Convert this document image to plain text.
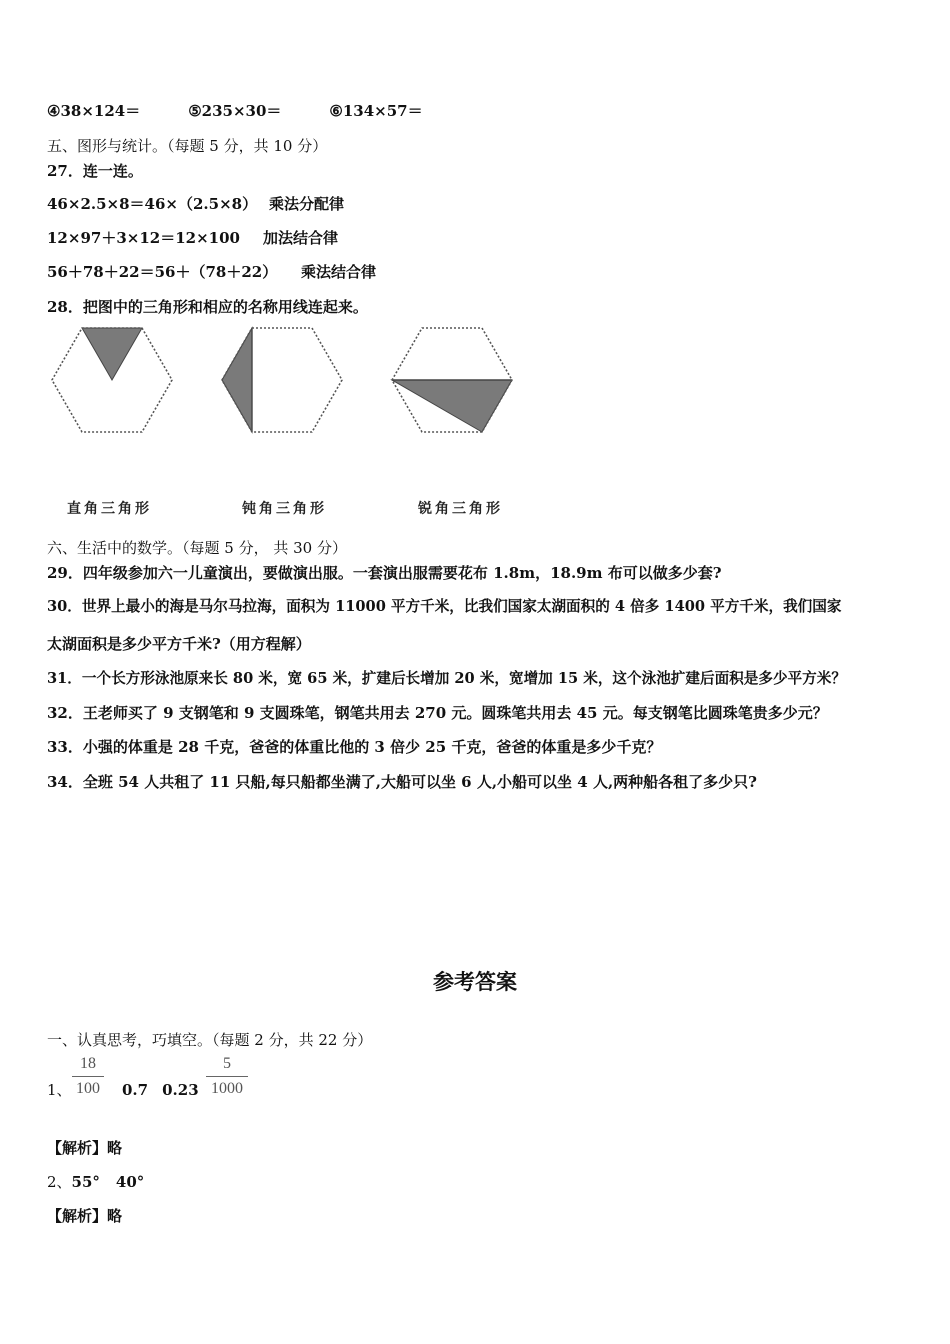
④38×124＝	⑤235×30＝	⑥134×57＝
五、图形与统计。（每题 5 分，共 10 分）
27．连一连。
46×2.5×8＝46×（2.5×8） 乘法分配律
12×97＋3×12＝12×100 加法结合律
56＋78＋22＝56＋（78＋22） 乘法结合律
28．把图中的三角形和相应的名称用线连起来。
直角三角形	钝角三角形	锐角三角形
六、生活中的数学。（每题 5 分， 共 30 分）
29．四年级参加六一儿童演出，要做演出服。一套演出服需要花布 1.8m，18.9m 布可以做多少套?
30．世界上最小的海是马尔马拉海，面积为 11000 平方千米，比我们国家太湖面积的 4 倍多 1400 平方千米，我们国家
太湖面积是多少平方千米?（用方程解）
31．一个长方形泳池原来长 80 米，宽 65 米，扩建后长增加 20 米，宽增加 15 米，这个泳池扩建后面积是多少平方米？
32．王老师买了 9 支钢笔和 9 支圆珠笔，钢笔共用去 270 元。圆珠笔共用去 45 元。每支钢笔比圆珠笔贵多少元？
33．小强的体重是 28 千克，爸爸的体重比他的 3 倍少 25 千克，爸爸的体重是多少千克？
34．全班 54 人共租了 11 只船,每只船都坐满了,大船可以坐 6 人,小船可以坐 4 人,两种船各租了多少只?
参考答案
一、认真思考，巧填空。（每题 2 分，共 22 分）
1、
18
100 0.7 0.23
5
1000
【解析】略
2、55° 40°
【解析】略
